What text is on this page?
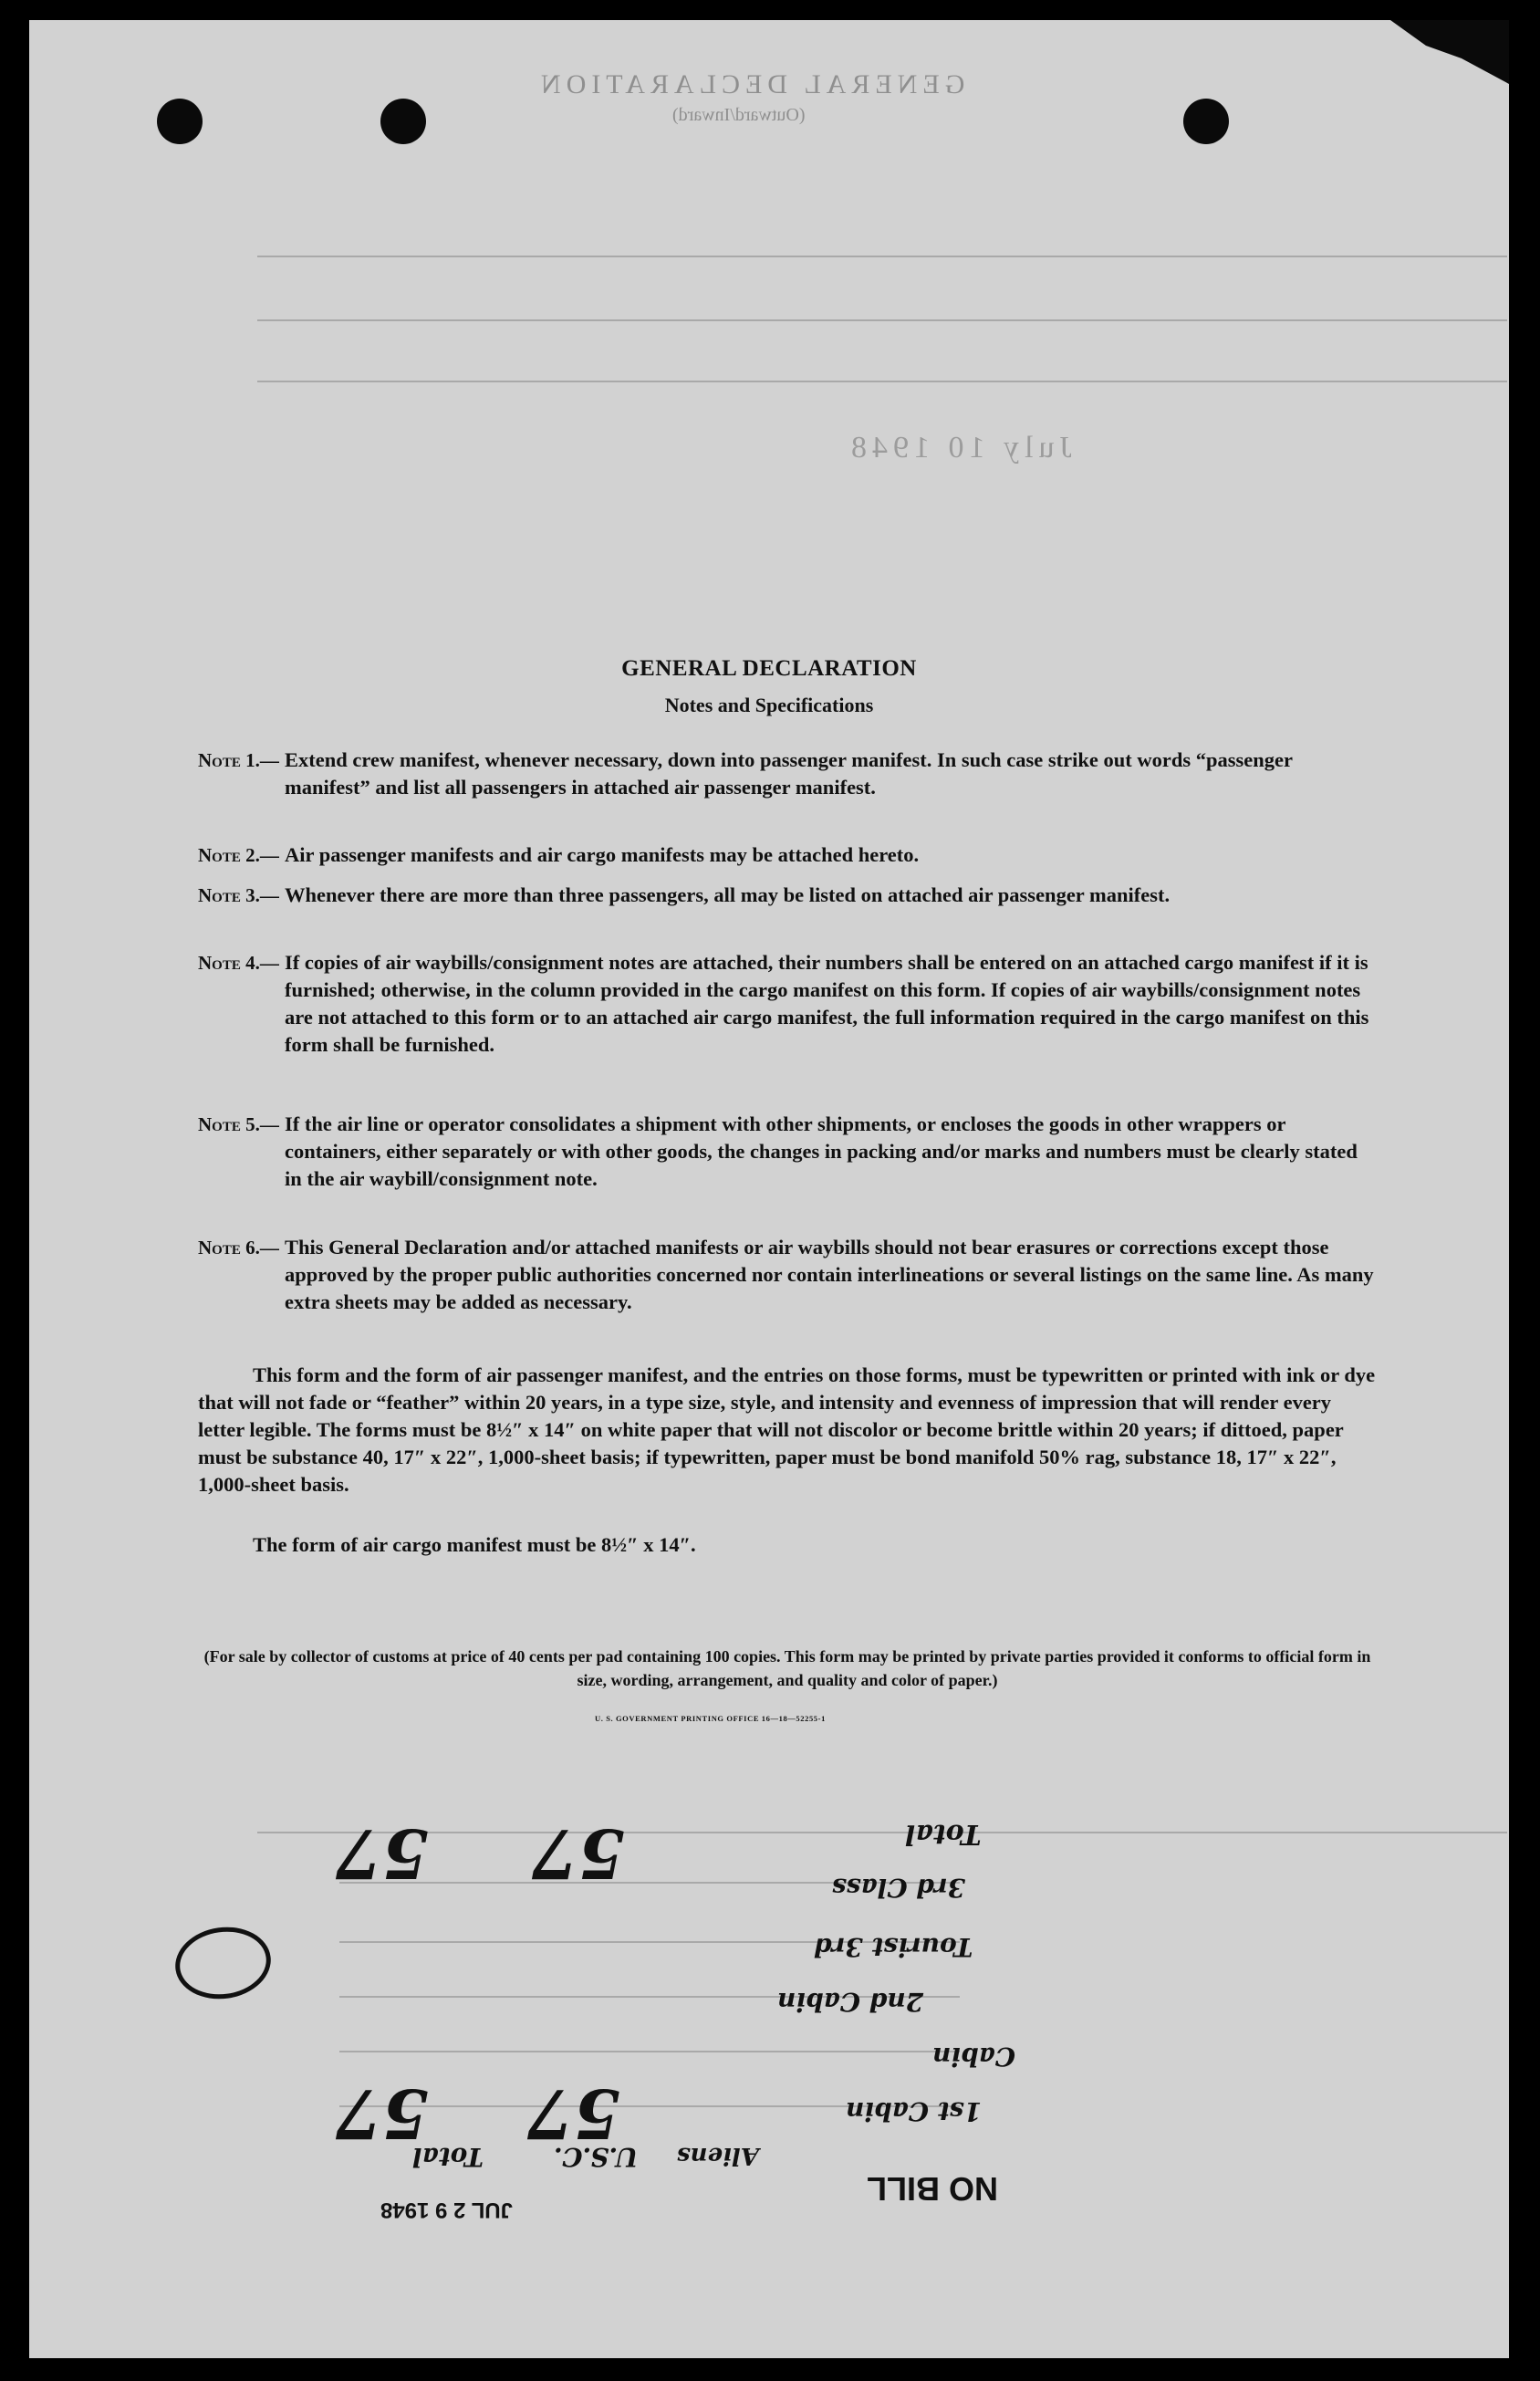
GENERAL DECLARATION
(Outward/Inward)
July 10 1948
GENERAL DECLARATION
Notes and Specifications
Note 1.— Extend crew manifest, whenever necessary, down into passenger manifest. In such case strike out words “passenger manifest” and list all passengers in attached air passenger manifest.
Note 2.— Air passenger manifests and air cargo manifests may be attached hereto.
Note 3.— Whenever there are more than three passengers, all may be listed on attached air passenger manifest.
Note 4.— If copies of air waybills/consignment notes are attached, their numbers shall be entered on an attached cargo manifest if it is furnished; otherwise, in the column provided in the cargo manifest on this form. If copies of air waybills/consignment notes are not attached to this form or to an attached air cargo manifest, the full information required in the cargo manifest on this form shall be furnished.
Note 5.— If the air line or operator consolidates a shipment with other shipments, or encloses the goods in other wrappers or containers, either separately or with other goods, the changes in packing and/or marks and numbers must be clearly stated in the air waybill/consignment note.
Note 6.— This General Declaration and/or attached manifests or air waybills should not bear erasures or corrections except those approved by the proper public authorities concerned nor contain interlineations or several listings on the same line. As many extra sheets may be added as necessary.
This form and the form of air passenger manifest, and the entries on those forms, must be typewritten or printed with ink or dye that will not fade or “feather” within 20 years, in a type size, style, and intensity and evenness of impression that will render every letter legible. The forms must be 8½″ x 14″ on white paper that will not discolor or become brittle within 20 years; if dittoed, paper must be substance 40, 17″ x 22″, 1,000-sheet basis; if typewritten, paper must be bond manifold 50% rag, substance 18, 17″ x 22″, 1,000-sheet basis.
The form of air cargo manifest must be 8½″ x 14″.
(For sale by collector of customs at price of 40 cents per pad containing 100 copies. This form may be printed by private parties provided it conforms to official form in size, wording, arrangement, and quality and color of paper.)
U. S. GOVERNMENT PRINTING OFFICE 16—18—52255-1
Total
3rd Class
Tourist 3rd
2nd Cabin
Cabin
1st Cabin
57 57
57 57
Total	U.S.C. Aliens
NO BILL
JUL 2 9 1948
